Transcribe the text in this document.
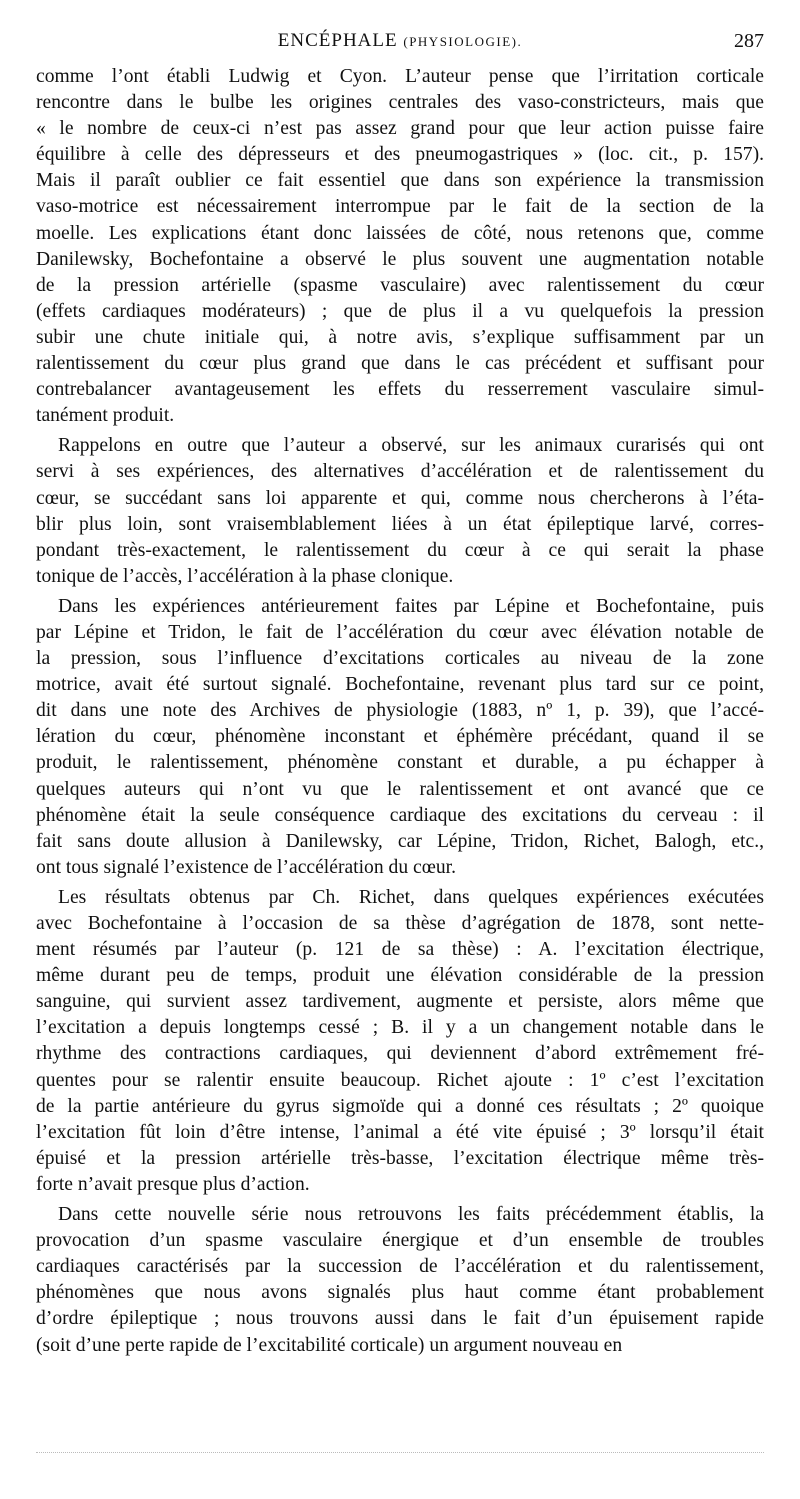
ENCÉPHALE (PHYSIOLOGIE).	287
comme l’ont établi Ludwig et Cyon. L’auteur pense que l’irritation corticale
rencontre dans le bulbe les origines centrales des vaso-constricteurs, mais que
« le nombre de ceux-ci n’est pas assez grand pour que leur action puisse faire
équilibre à celle des dépresseurs et des pneumogastriques » (loc. cit., p. 157).
Mais il paraît oublier ce fait essentiel que dans son expérience la transmission
vaso-motrice est nécessairement interrompue par le fait de la section de la
moelle. Les explications étant donc laissées de côté, nous retenons que, comme
Danilewsky, Bochefontaine a observé le plus souvent une augmentation notable
de la pression artérielle (spasme vasculaire) avec ralentissement du cœur
(effets cardiaques modérateurs) ; que de plus il a vu quelquefois la pression
subir une chute initiale qui, à notre avis, s’explique suffisamment par un
ralentissement du cœur plus grand que dans le cas précédent et suffisant pour
contrebalancer avantageusement les effets du resserrement vasculaire simul-
tanément produit.
Rappelons en outre que l’auteur a observé, sur les animaux curarisés qui ont
servi à ses expériences, des alternatives d’accélération et de ralentissement du
cœur, se succédant sans loi apparente et qui, comme nous chercherons à l’éta-
blir plus loin, sont vraisemblablement liées à un état épileptique larvé, corres-
pondant très-exactement, le ralentissement du cœur à ce qui serait la phase
tonique de l’accès, l’accélération à la phase clonique.
Dans les expériences antérieurement faites par Lépine et Bochefontaine, puis
par Lépine et Tridon, le fait de l’accélération du cœur avec élévation notable de
la pression, sous l’influence d’excitations corticales au niveau de la zone
motrice, avait été surtout signalé. Bochefontaine, revenant plus tard sur ce point,
dit dans une note des Archives de physiologie (1883, nº 1, p. 39), que l’accé-
lération du cœur, phénomène inconstant et éphémère précédant, quand il se
produit, le ralentissement, phénomène constant et durable, a pu échapper à
quelques auteurs qui n’ont vu que le ralentissement et ont avancé que ce
phénomène était la seule conséquence cardiaque des excitations du cerveau : il
fait sans doute allusion à Danilewsky, car Lépine, Tridon, Richet, Balogh, etc.,
ont tous signalé l’existence de l’accélération du cœur.
Les résultats obtenus par Ch. Richet, dans quelques expériences exécutées
avec Bochefontaine à l’occasion de sa thèse d’agrégation de 1878, sont nette-
ment résumés par l’auteur (p. 121 de sa thèse) : A. l’excitation électrique,
même durant peu de temps, produit une élévation considérable de la pression
sanguine, qui survient assez tardivement, augmente et persiste, alors même que
l’excitation a depuis longtemps cessé ; B. il y a un changement notable dans le
rhythme des contractions cardiaques, qui deviennent d’abord extrêmement fré-
quentes pour se ralentir ensuite beaucoup. Richet ajoute : 1º c’est l’excitation
de la partie antérieure du gyrus sigmoïde qui a donné ces résultats ; 2º quoique
l’excitation fût loin d’être intense, l’animal a été vite épuisé ; 3º lorsqu’il était
épuisé et la pression artérielle très-basse, l’excitation électrique même très-
forte n’avait presque plus d’action.
Dans cette nouvelle série nous retrouvons les faits précédemment établis, la
provocation d’un spasme vasculaire énergique et d’un ensemble de troubles
cardiaques caractérisés par la succession de l’accélération et du ralentissement,
phénomènes que nous avons signalés plus haut comme étant probablement
d’ordre épileptique ; nous trouvons aussi dans le fait d’un épuisement rapide
(soit d’une perte rapide de l’excitabilité corticale) un argument nouveau en
